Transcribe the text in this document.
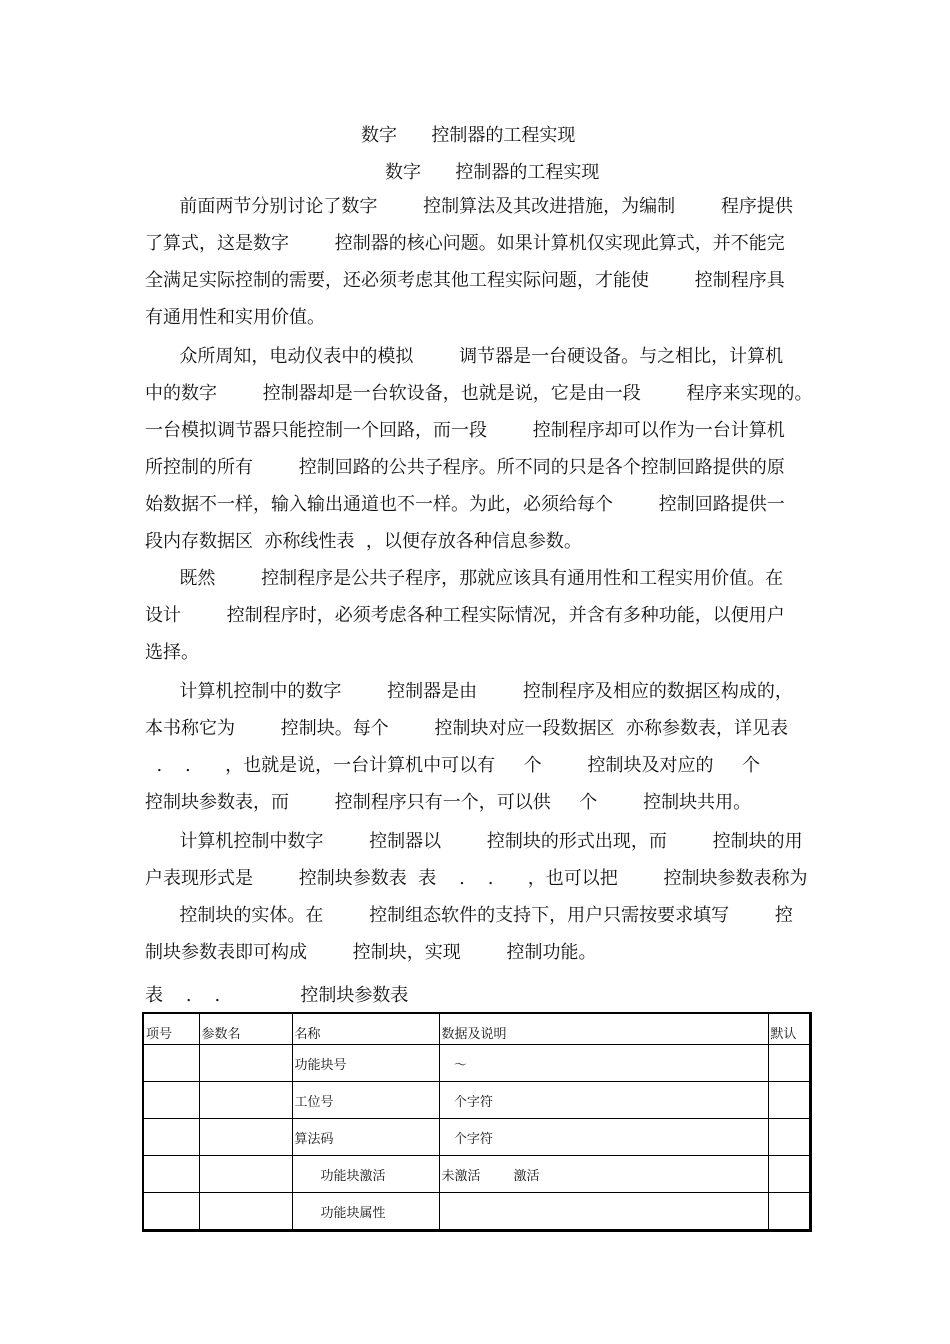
数字      控制器的工程实现
数字      控制器的工程实现
前面两节分别讨论了数字        控制算法及其改进措施，为编制        程序提供
了算式，这是数字        控制器的核心问题。如果计算机仅实现此算式，并不能完
全满足实际控制的需要，还必须考虑其他工程实际问题，才能使        控制程序具
有通用性和实用价值。
众所周知，电动仪表中的模拟        调节器是一台硬设备。与之相比，计算机
中的数字        控制器却是一台软设备，也就是说，它是由一段        程序来实现的。
一台模拟调节器只能控制一个回路，而一段        控制程序却可以作为一台计算机
所控制的所有        控制回路的公共子程序。所不同的只是各个控制回路提供的原
始数据不一样，输入输出通道也不一样。为此，必须给每个        控制回路提供一
段内存数据区  亦称线性表  ，以便存放各种信息参数。
既然        控制程序是公共子程序，那就应该具有通用性和工程实用价值。在
设计        控制程序时，必须考虑各种工程实际情况，并含有多种功能，以便用户
选择。
计算机控制中的数字        控制器是由        控制程序及相应的数据区构成的，
本书称它为        控制块。每个        控制块对应一段数据区  亦称参数表，详见表
.    .      ，也就是说，一台计算机中可以有     个        控制块及对应的     个
控制块参数表，而        控制程序只有一个，可以供     个        控制块共用。
计算机控制中数字        控制器以        控制块的形式出现，而        控制块的用
户表现形式是        控制块参数表  表    .    .      ，也可以把        控制块参数表称为
控制块的实体。在        控制组态软件的支持下，用户只需按要求填写        控
制块参数表即可构成        控制块，实现        控制功能。
表    .    .              控制块参数表
项号	参数名	名称	数据及说明	默认
		功能块号	～	
		工位号	个字符	
		算法码	个字符	
		功能块激活	未激活        激活	
		功能块属性		
